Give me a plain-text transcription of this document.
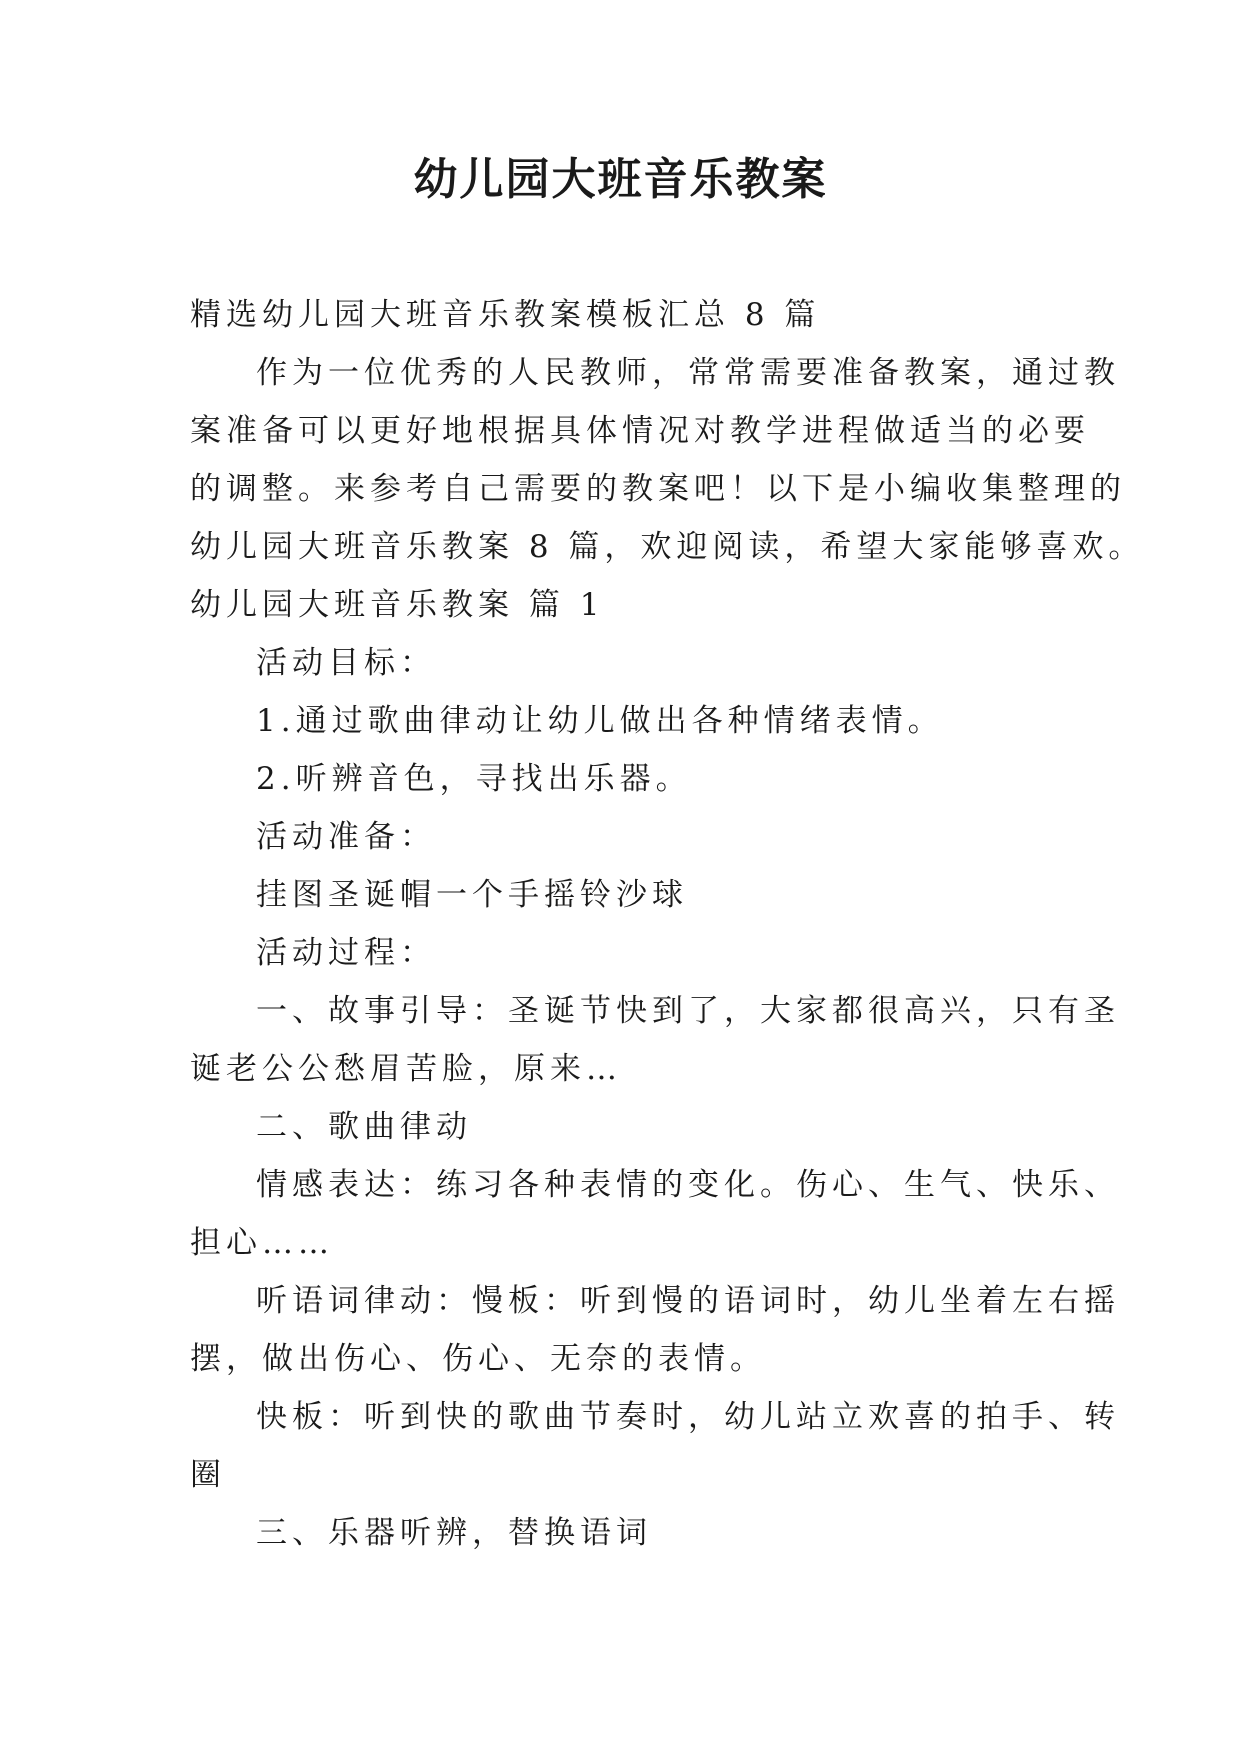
幼儿园大班音乐教案
精选幼儿园大班音乐教案模板汇总 8 篇
作为一位优秀的人民教师，常常需要准备教案，通过教
案准备可以更好地根据具体情况对教学进程做适当的必要
的调整。来参考自己需要的教案吧！以下是小编收集整理的
幼儿园大班音乐教案 8 篇，欢迎阅读，希望大家能够喜欢。
幼儿园大班音乐教案 篇 1
活动目标：
1.通过歌曲律动让幼儿做出各种情绪表情。
2.听辨音色，寻找出乐器。
活动准备：
挂图圣诞帽一个手摇铃沙球
活动过程：
一、故事引导：圣诞节快到了，大家都很高兴，只有圣
诞老公公愁眉苦脸，原来…
二、歌曲律动
情感表达：练习各种表情的变化。伤心、生气、快乐、
担心……
听语词律动：慢板：听到慢的语词时，幼儿坐着左右摇
摆，做出伤心、伤心、无奈的表情。
快板：听到快的歌曲节奏时，幼儿站立欢喜的拍手、转
圈
三、乐器听辨，替换语词
